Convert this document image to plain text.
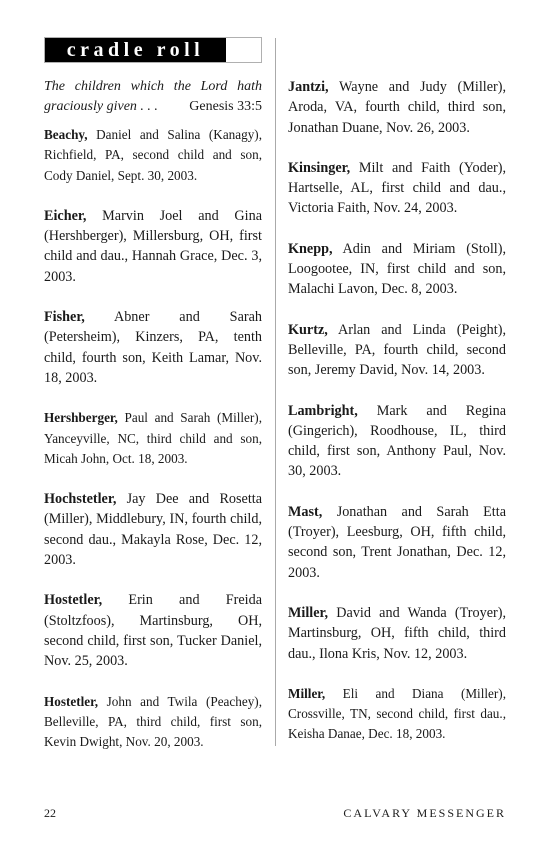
cradle roll

The children which the Lord hath graciously given . . . Genesis 33:5

Beachy, Daniel and Salina (Kanagy), Richfield, PA, second child and son, Cody Daniel, Sept. 30, 2003.

Eicher, Marvin Joel and Gina (Hershberger), Millersburg, OH, first child and dau., Hannah Grace, Dec. 3, 2003.

Fisher, Abner and Sarah (Petersheim), Kinzers, PA, tenth child, fourth son, Keith Lamar, Nov. 18, 2003.

Hershberger, Paul and Sarah (Miller), Yanceyville, NC, third child and son, Micah John, Oct. 18, 2003.

Hochstetler, Jay Dee and Rosetta (Miller), Middlebury, IN, fourth child, second dau., Makayla Rose, Dec. 12, 2003.

Hostetler, Erin and Freida (Stoltzfoos), Martinsburg, OH, second child, first son, Tucker Daniel, Nov. 25, 2003.

Hostetler, John and Twila (Peachey), Belleville, PA, third child, first son, Kevin Dwight, Nov. 20, 2003.

Jantzi, Wayne and Judy (Miller), Aroda, VA, fourth child, third son, Jonathan Duane, Nov. 26, 2003.

Kinsinger, Milt and Faith (Yoder), Hartselle, AL, first child and dau., Victoria Faith, Nov. 24, 2003.

Knepp, Adin and Miriam (Stoll), Loogootee, IN, first child and son, Malachi Lavon, Dec. 8, 2003.

Kurtz, Arlan and Linda (Peight), Belleville, PA, fourth child, second son, Jeremy David, Nov. 14, 2003.

Lambright, Mark and Regina (Gingerich), Roodhouse, IL, third child, first son, Anthony Paul, Nov. 30, 2003.

Mast, Jonathan and Sarah Etta (Troyer), Leesburg, OH, fifth child, second son, Trent Jonathan, Dec. 12, 2003.

Miller, David and Wanda (Troyer), Martinsburg, OH, fifth child, third dau., Ilona Kris, Nov. 12, 2003.

Miller, Eli and Diana (Miller), Crossville, TN, second child, first dau., Keisha Danae, Dec. 18, 2003.

22	CALVARY MESSENGER
